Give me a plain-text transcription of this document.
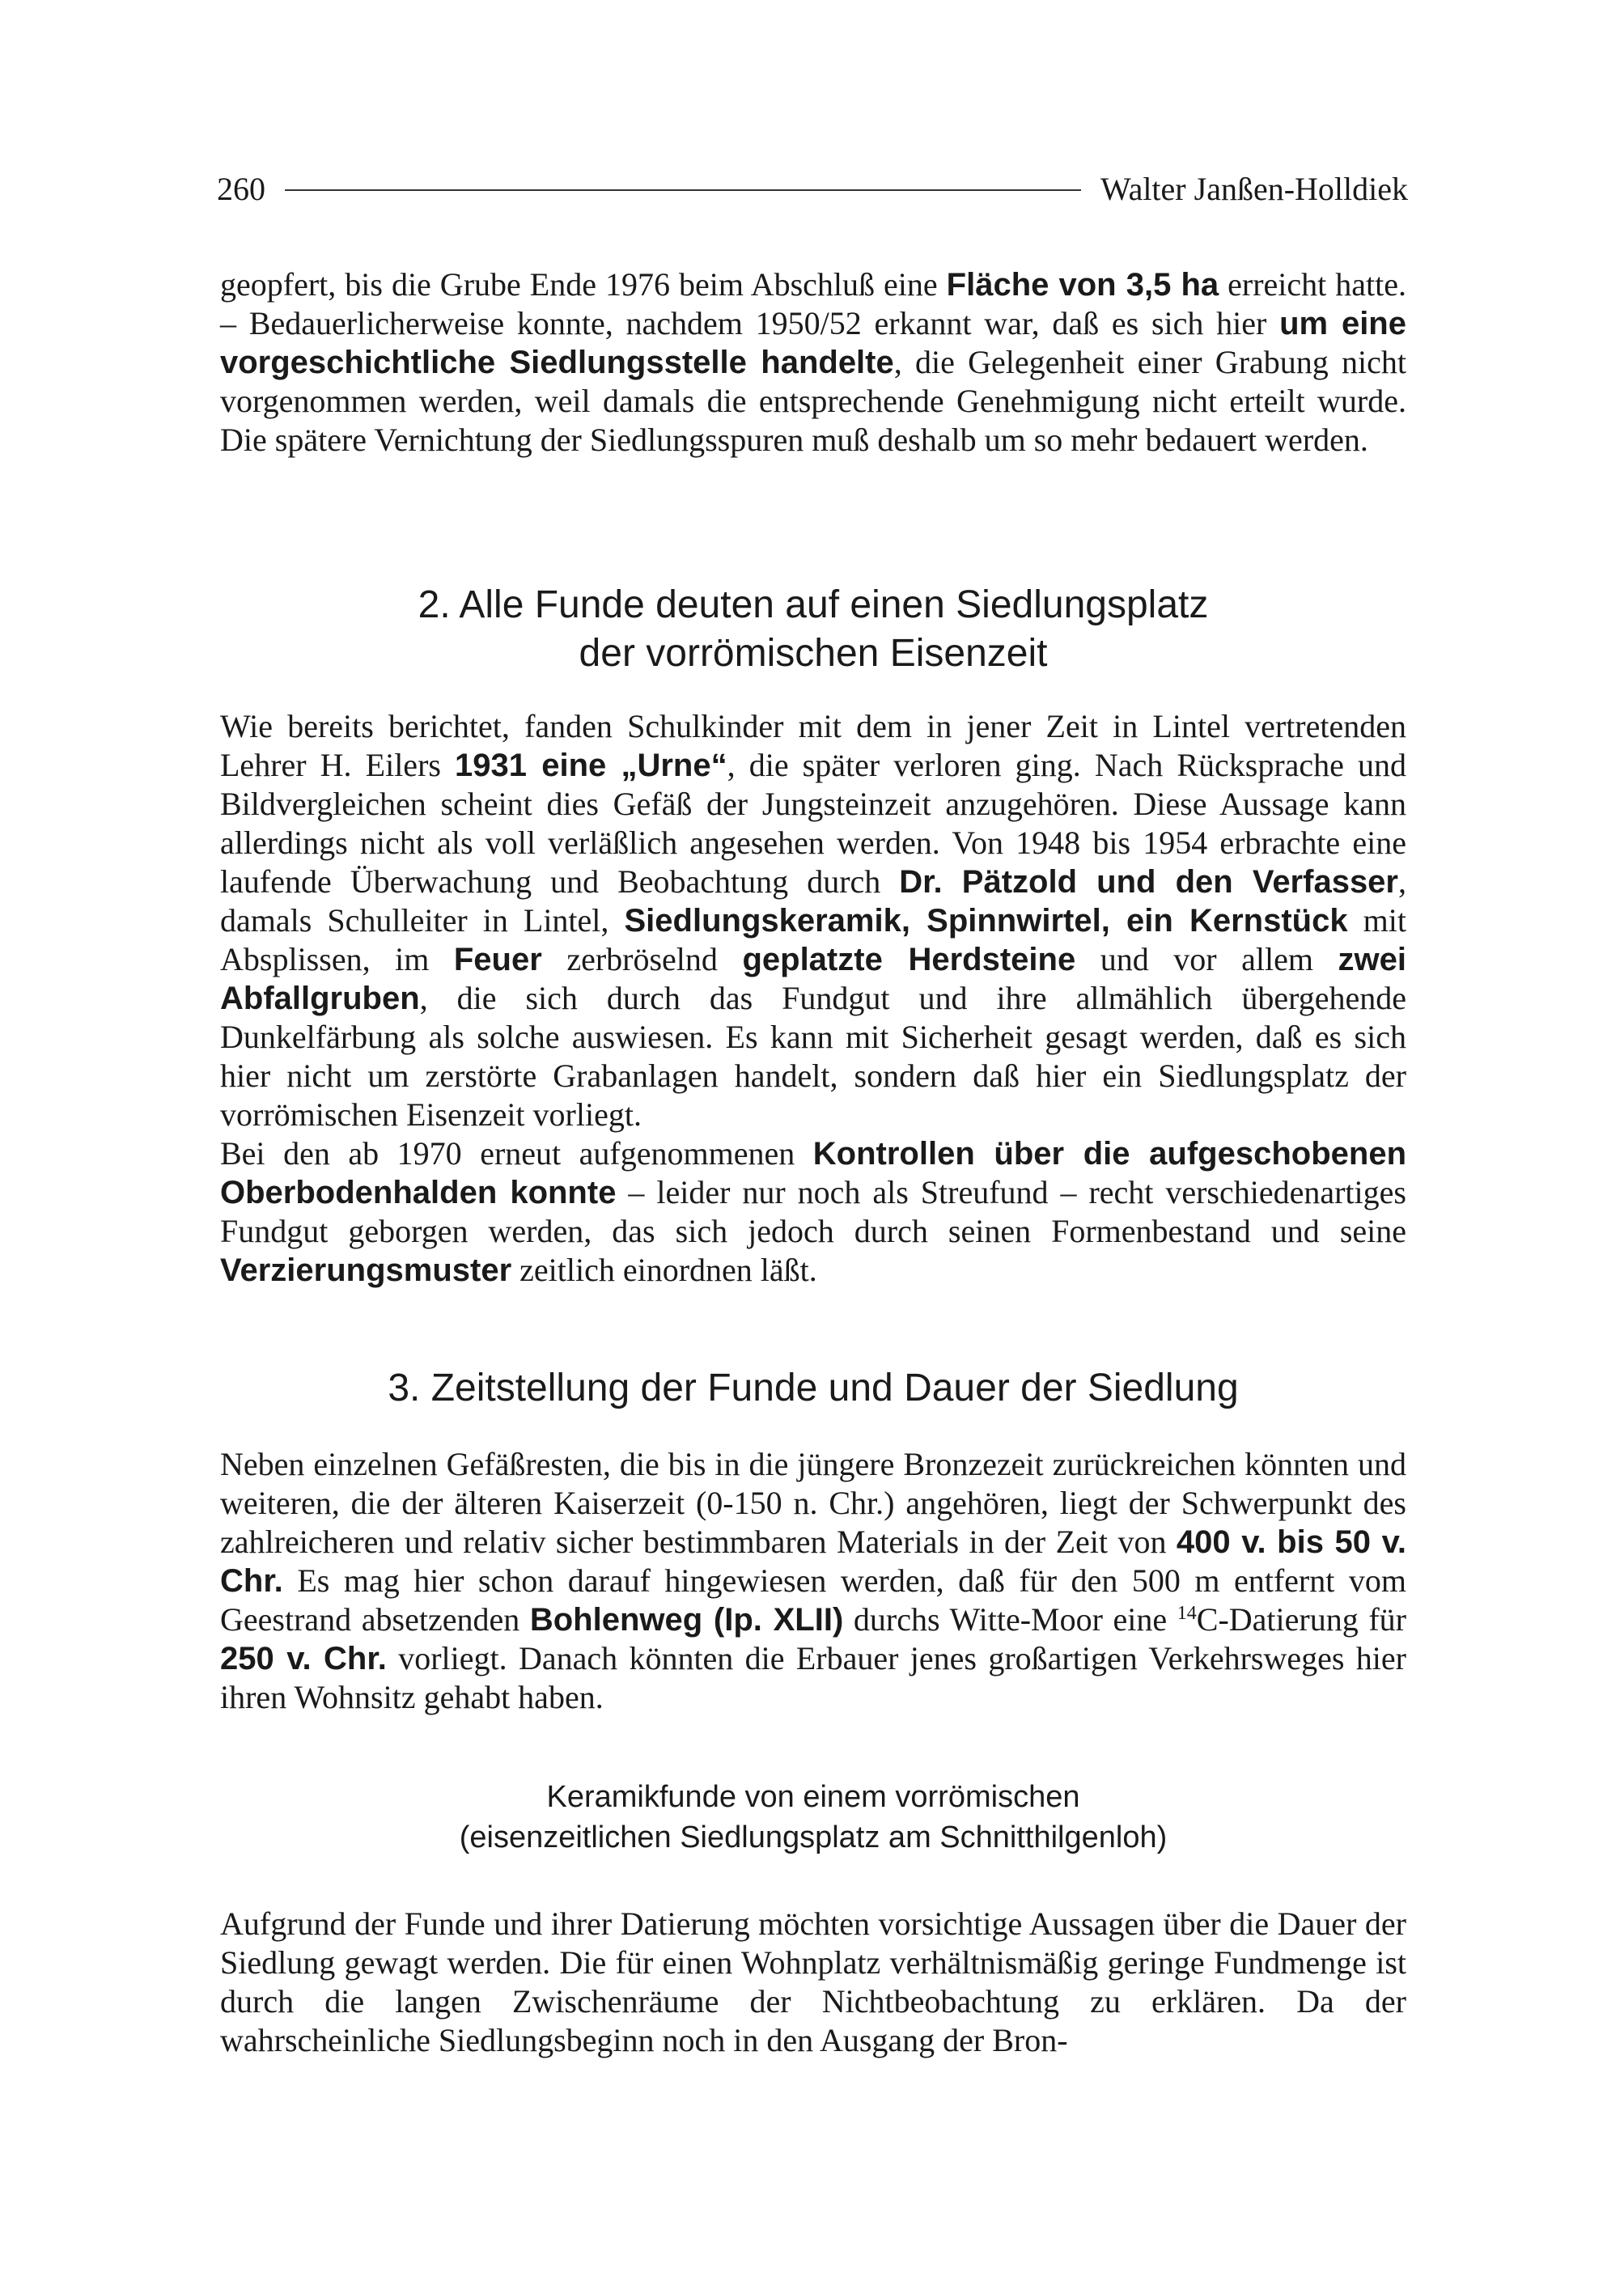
260	Walter Janßen-Holldiek

geopfert, bis die Grube Ende 1976 beim Abschluß eine Fläche von 3,5 ha erreicht hatte. – Bedauerlicherweise konnte, nachdem 1950/52 erkannt war, daß es sich hier um eine vorgeschichtliche Siedlungsstelle handelte, die Gelegenheit einer Grabung nicht vorgenommen werden, weil damals die entsprechende Genehmigung nicht erteilt wurde. Die spätere Vernichtung der Siedlungsspuren muß deshalb um so mehr bedauert werden.

2. Alle Funde deuten auf einen Siedlungsplatz
der vorrömischen Eisenzeit

Wie bereits berichtet, fanden Schulkinder mit dem in jener Zeit in Lintel vertretenden Lehrer H. Eilers 1931 eine „Urne“, die später verloren ging. Nach Rücksprache und Bildvergleichen scheint dies Gefäß der Jungsteinzeit anzugehören. Diese Aussage kann allerdings nicht als voll verläßlich angesehen werden. Von 1948 bis 1954 erbrachte eine laufende Überwachung und Beobachtung durch Dr. Pätzold und den Verfasser, damals Schulleiter in Lintel, Siedlungskeramik, Spinnwirtel, ein Kernstück mit Absplissen, im Feuer zerbröselnd geplatzte Herdsteine und vor allem zwei Abfallgruben, die sich durch das Fundgut und ihre allmählich übergehende Dunkelfärbung als solche auswiesen. Es kann mit Sicherheit gesagt werden, daß es sich hier nicht um zerstörte Grabanlagen handelt, sondern daß hier ein Siedlungsplatz der vorrömischen Eisenzeit vorliegt.

Bei den ab 1970 erneut aufgenommenen Kontrollen über die aufgeschobenen Oberbodenhalden konnte – leider nur noch als Streufund – recht verschiedenartiges Fundgut geborgen werden, das sich jedoch durch seinen Formenbestand und seine Verzierungsmuster zeitlich einordnen läßt.

3. Zeitstellung der Funde und Dauer der Siedlung

Neben einzelnen Gefäßresten, die bis in die jüngere Bronzezeit zurückreichen könnten und weiteren, die der älteren Kaiserzeit (0-150 n. Chr.) angehören, liegt der Schwerpunkt des zahlreicheren und relativ sicher bestimmbaren Materials in der Zeit von 400 v. bis 50 v. Chr. Es mag hier schon darauf hingewiesen werden, daß für den 500 m entfernt vom Geestrand absetzenden Bohlenweg (Ip. XLII) durchs Witte-Moor eine $^{14}$C-Datierung für 250 v. Chr. vorliegt. Danach könnten die Erbauer jenes großartigen Verkehrsweges hier ihren Wohnsitz gehabt haben.

Keramikfunde von einem vorrömischen
(eisenzeitlichen Siedlungsplatz am Schnitthilgenloh)

Aufgrund der Funde und ihrer Datierung möchten vorsichtige Aussagen über die Dauer der Siedlung gewagt werden. Die für einen Wohnplatz verhältnismäßig geringe Fundmenge ist durch die langen Zwischenräume der Nichtbeobachtung zu erklären. Da der wahrscheinliche Siedlungsbeginn noch in den Ausgang der Bron-
